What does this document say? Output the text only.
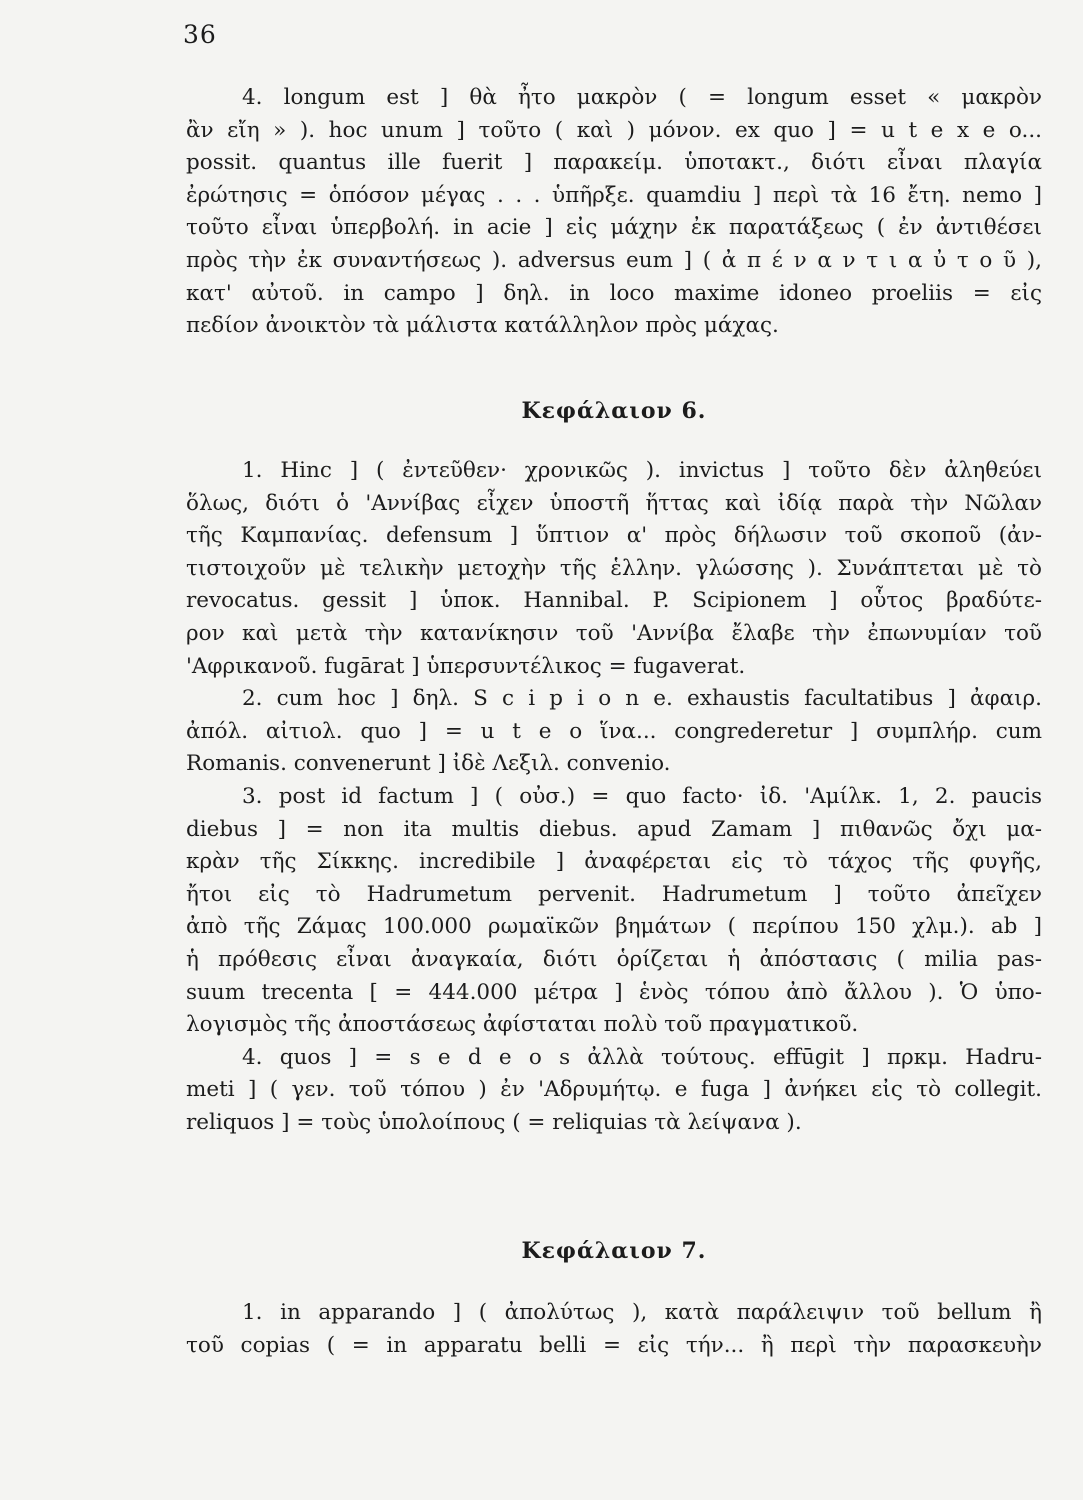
36
4. longum est ] θὰ ἦτο μακρὸν ( = longum esset « μακρὸν
ἂν εἴη » ). hoc unum ] τοῦτο ( καὶ ) μόνον. ex quo ] = u t e x e o...
possit. quantus ille fuerit ] παρακείμ. ὑποτακτ., διότι εἶναι πλαγία
ἐρώτησις = ὁπόσον μέγας . . . ὑπῆρξε. quamdiu ] περὶ τὰ 16 ἔτη. nemo ]
τοῦτο εἶναι ὑπερβολή. in acie ] εἰς μάχην ἐκ παρατάξεως ( ἐν ἀντιθέσει
πρὸς τὴν ἐκ συναντήσεως ). adversus eum ] ( ἀ π έ ν α ν τ ι α ὐ τ ο ῦ ),
κατ' αὐτοῦ. in campo ] δηλ. in loco maxime idoneo proeliis = εἰς
πεδίον ἀνοικτὸν τὰ μάλιστα κατάλληλον πρὸς μάχας.
Κεφάλαιον 6.
1. Hinc ] ( ἐντεῦθεν· χρονικῶς ). invictus ] τοῦτο δὲν ἀληθεύει
ὅλως, διότι ὁ 'Αννίβας εἶχεν ὑποστῆ ἥττας καὶ ἰδίᾳ παρὰ τὴν Νῶλαν
τῆς Καμπανίας. defensum ] ὕπτιον α' πρὸς δήλωσιν τοῦ σκοποῦ (ἀν-
τιστοιχοῦν μὲ τελικὴν μετοχὴν τῆς ἑλλην. γλώσσης ). Συνάπτεται μὲ τὸ
revocatus. gessit ] ὑποκ. Hannibal. P. Scipionem ] οὗτος βραδύτε-
ρον καὶ μετὰ τὴν κατανίκησιν τοῦ 'Αννίβα ἔλαβε τὴν ἐπωνυμίαν τοῦ
'Αφρικανοῦ. fugārat ] ὑπερσυντέλικος = fugaverat.
2. cum hoc ] δηλ. S c i p i o n e. exhaustis facultatibus ] ἀφαιρ.
ἀπόλ. αἰτιολ. quo ] = u t e o ἵνα... congrederetur ] συμπλήρ. cum
Romanis. convenerunt ] ἰδὲ Λεξιλ. convenio.
3. post id factum ] ( οὐσ.) = quo facto· ἰδ. 'Αμίλκ. 1, 2. paucis
diebus ] = non ita multis diebus. apud Zamam ] πιθανῶς ὄχι μα-
κρὰν τῆς Σίκκης. incredibile ] ἀναφέρεται εἰς τὸ τάχος τῆς φυγῆς,
ἤτοι εἰς τὸ Hadrumetum pervenit. Hadrumetum ] τοῦτο ἀπεῖχεν
ἀπὸ τῆς Ζάμας 100.000 ρωμαϊκῶν βημάτων ( περίπου 150 χλμ.). ab ]
ἡ πρόθεσις εἶναι ἀναγκαία, διότι ὁρίζεται ἡ ἀπόστασις ( milia pas-
suum trecenta [ = 444.000 μέτρα ] ἑνὸς τόπου ἀπὸ ἄλλου ). Ὁ ὑπο-
λογισμὸς τῆς ἀποστάσεως ἀφίσταται πολὺ τοῦ πραγματικοῦ.
4. quos ] = s e d e o s ἀλλὰ τούτους. effūgit ] πρκμ. Hadru-
meti ] ( γεν. τοῦ τόπου ) ἐν 'Αδρυμήτῳ. e fuga ] ἀνήκει εἰς τὸ collegit.
reliquos ] = τοὺς ὑπολοίπους ( = reliquias τὰ λείψανα ).
Κεφάλαιον 7.
1. in apparando ] ( ἀπολύτως ), κατὰ παράλειψιν τοῦ bellum ἢ
τοῦ copias ( = in apparatu belli = εἰς τήν... ἢ περὶ τὴν παρασκευὴν
